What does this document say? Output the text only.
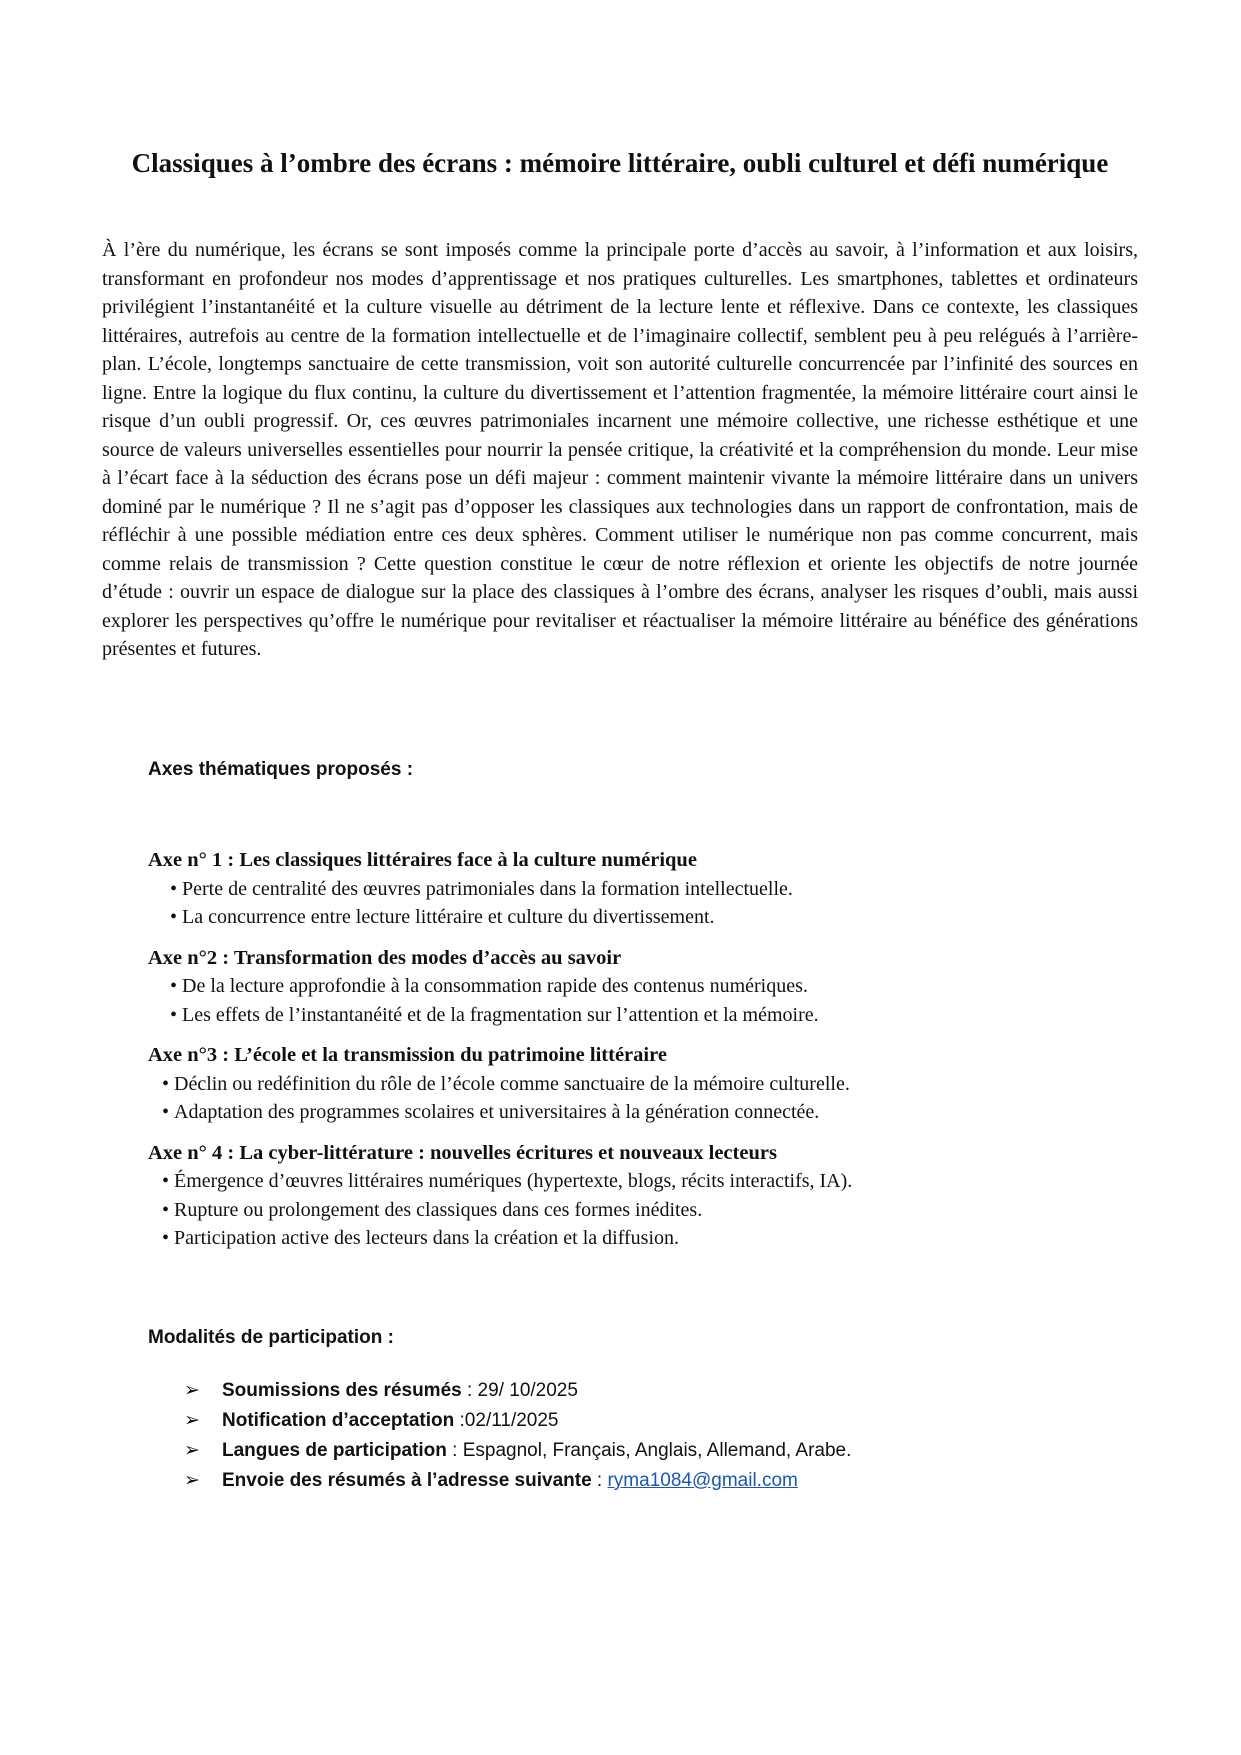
Classiques à l’ombre des écrans : mémoire littéraire, oubli culturel et défi numérique

À l’ère du numérique, les écrans se sont imposés comme la principale porte d’accès au savoir, à l’information et aux loisirs, transformant en profondeur nos modes d’apprentissage et nos pratiques culturelles. Les smartphones, tablettes et ordinateurs privilégient l’instantanéité et la culture visuelle au détriment de la lecture lente et réflexive. Dans ce contexte, les classiques littéraires, autrefois au centre de la formation intellectuelle et de l’imaginaire collectif, semblent peu à peu relégués à l’arrière-plan. L’école, longtemps sanctuaire de cette transmission, voit son autorité culturelle concurrencée par l’infinité des sources en ligne. Entre la logique du flux continu, la culture du divertissement et l’attention fragmentée, la mémoire littéraire court ainsi le risque d’un oubli progressif. Or, ces œuvres patrimoniales incarnent une mémoire collective, une richesse esthétique et une source de valeurs universelles essentielles pour nourrir la pensée critique, la créativité et la compréhension du monde. Leur mise à l’écart face à la séduction des écrans pose un défi majeur : comment maintenir vivante la mémoire littéraire dans un univers dominé par le numérique ? Il ne s’agit pas d’opposer les classiques aux technologies dans un rapport de confrontation, mais de réfléchir à une possible médiation entre ces deux sphères. Comment utiliser le numérique non pas comme concurrent, mais comme relais de transmission ? Cette question constitue le cœur de notre réflexion et oriente les objectifs de notre journée d’étude : ouvrir un espace de dialogue sur la place des classiques à l’ombre des écrans, analyser les risques d’oubli, mais aussi explorer les perspectives qu’offre le numérique pour revitaliser et réactualiser la mémoire littéraire au bénéfice des générations présentes et futures.

Axes thématiques proposés :
Axe n° 1 : Les classiques littéraires face à la culture numérique
• Perte de centralité des œuvres patrimoniales dans la formation intellectuelle.
• La concurrence entre lecture littéraire et culture du divertissement.
Axe n°2 : Transformation des modes d’accès au savoir
• De la lecture approfondie à la consommation rapide des contenus numériques.
• Les effets de l’instantanéité et de la fragmentation sur l’attention et la mémoire.
Axe n°3 : L’école et la transmission du patrimoine littéraire
• Déclin ou redéfinition du rôle de l’école comme sanctuaire de la mémoire culturelle.
• Adaptation des programmes scolaires et universitaires à la génération connectée.
Axe n° 4 : La cyber-littérature : nouvelles écritures et nouveaux lecteurs
• Émergence d’œuvres littéraires numériques (hypertexte, blogs, récits interactifs, IA).
• Rupture ou prolongement des classiques dans ces formes inédites.
• Participation active des lecteurs dans la création et la diffusion.
Modalités de participation :
➢ Soumissions des résumés : 29/ 10/2025
➢ Notification d’acceptation :02/11/2025
➢ Langues de participation : Espagnol, Français, Anglais, Allemand, Arabe.
➢ Envoie des résumés à l’adresse suivante : ryma1084@gmail.com
